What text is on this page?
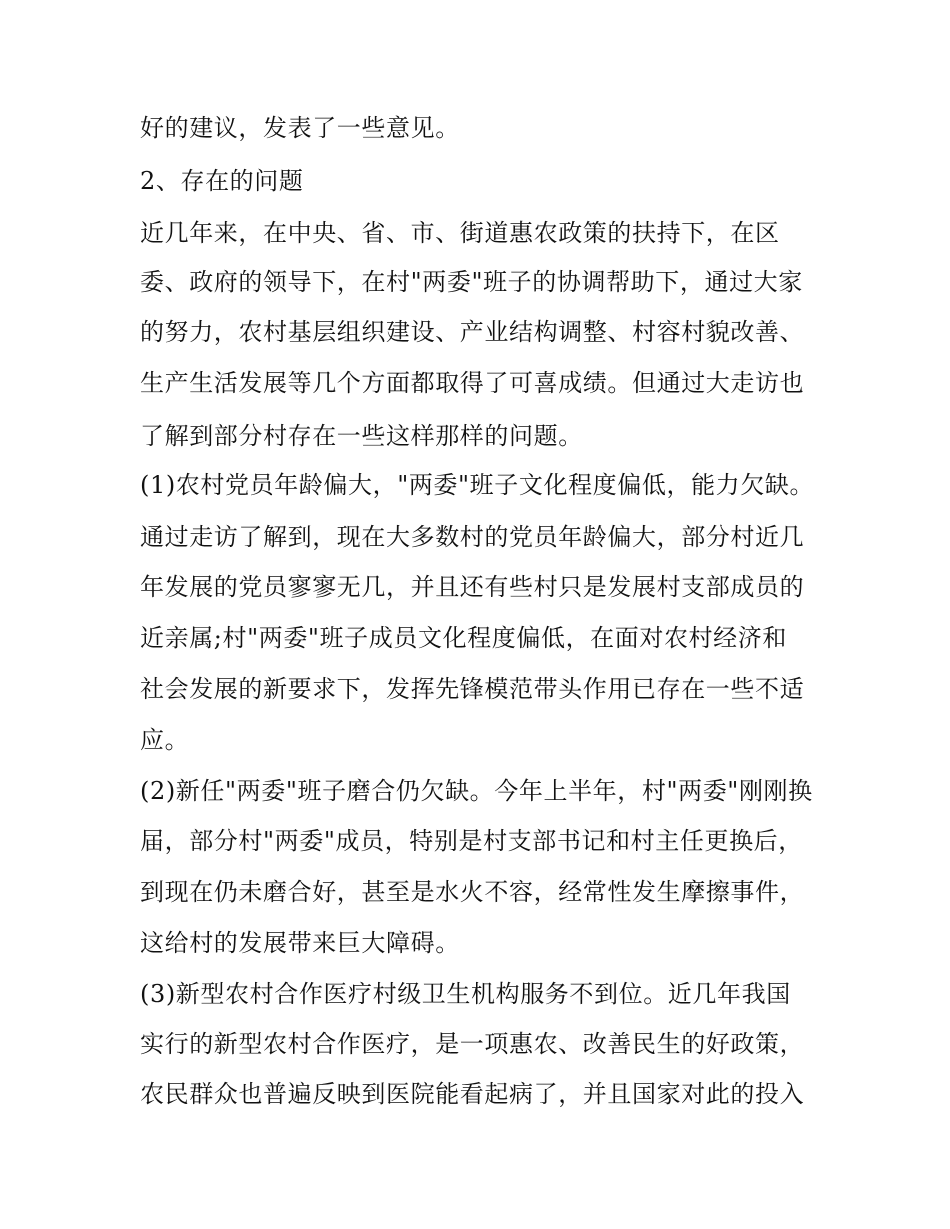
好的建议，发表了一些意见。
2、存在的问题
近几年来，在中央、省、市、街道惠农政策的扶持下，在区
委、政府的领导下，在村"两委"班子的协调帮助下，通过大家
的努力，农村基层组织建设、产业结构调整、村容村貌改善、
生产生活发展等几个方面都取得了可喜成绩。但通过大走访也
了解到部分村存在一些这样那样的问题。
(1)农村党员年龄偏大，"两委"班子文化程度偏低，能力欠缺。
通过走访了解到，现在大多数村的党员年龄偏大，部分村近几
年发展的党员寥寥无几，并且还有些村只是发展村支部成员的
近亲属;村"两委"班子成员文化程度偏低，在面对农村经济和
社会发展的新要求下，发挥先锋模范带头作用已存在一些不适
应。
(2)新任"两委"班子磨合仍欠缺。今年上半年，村"两委"刚刚换
届，部分村"两委"成员，特别是村支部书记和村主任更换后，
到现在仍未磨合好，甚至是水火不容，经常性发生摩擦事件，
这给村的发展带来巨大障碍。
(3)新型农村合作医疗村级卫生机构服务不到位。近几年我国
实行的新型农村合作医疗，是一项惠农、改善民生的好政策，
农民群众也普遍反映到医院能看起病了，并且国家对此的投入
